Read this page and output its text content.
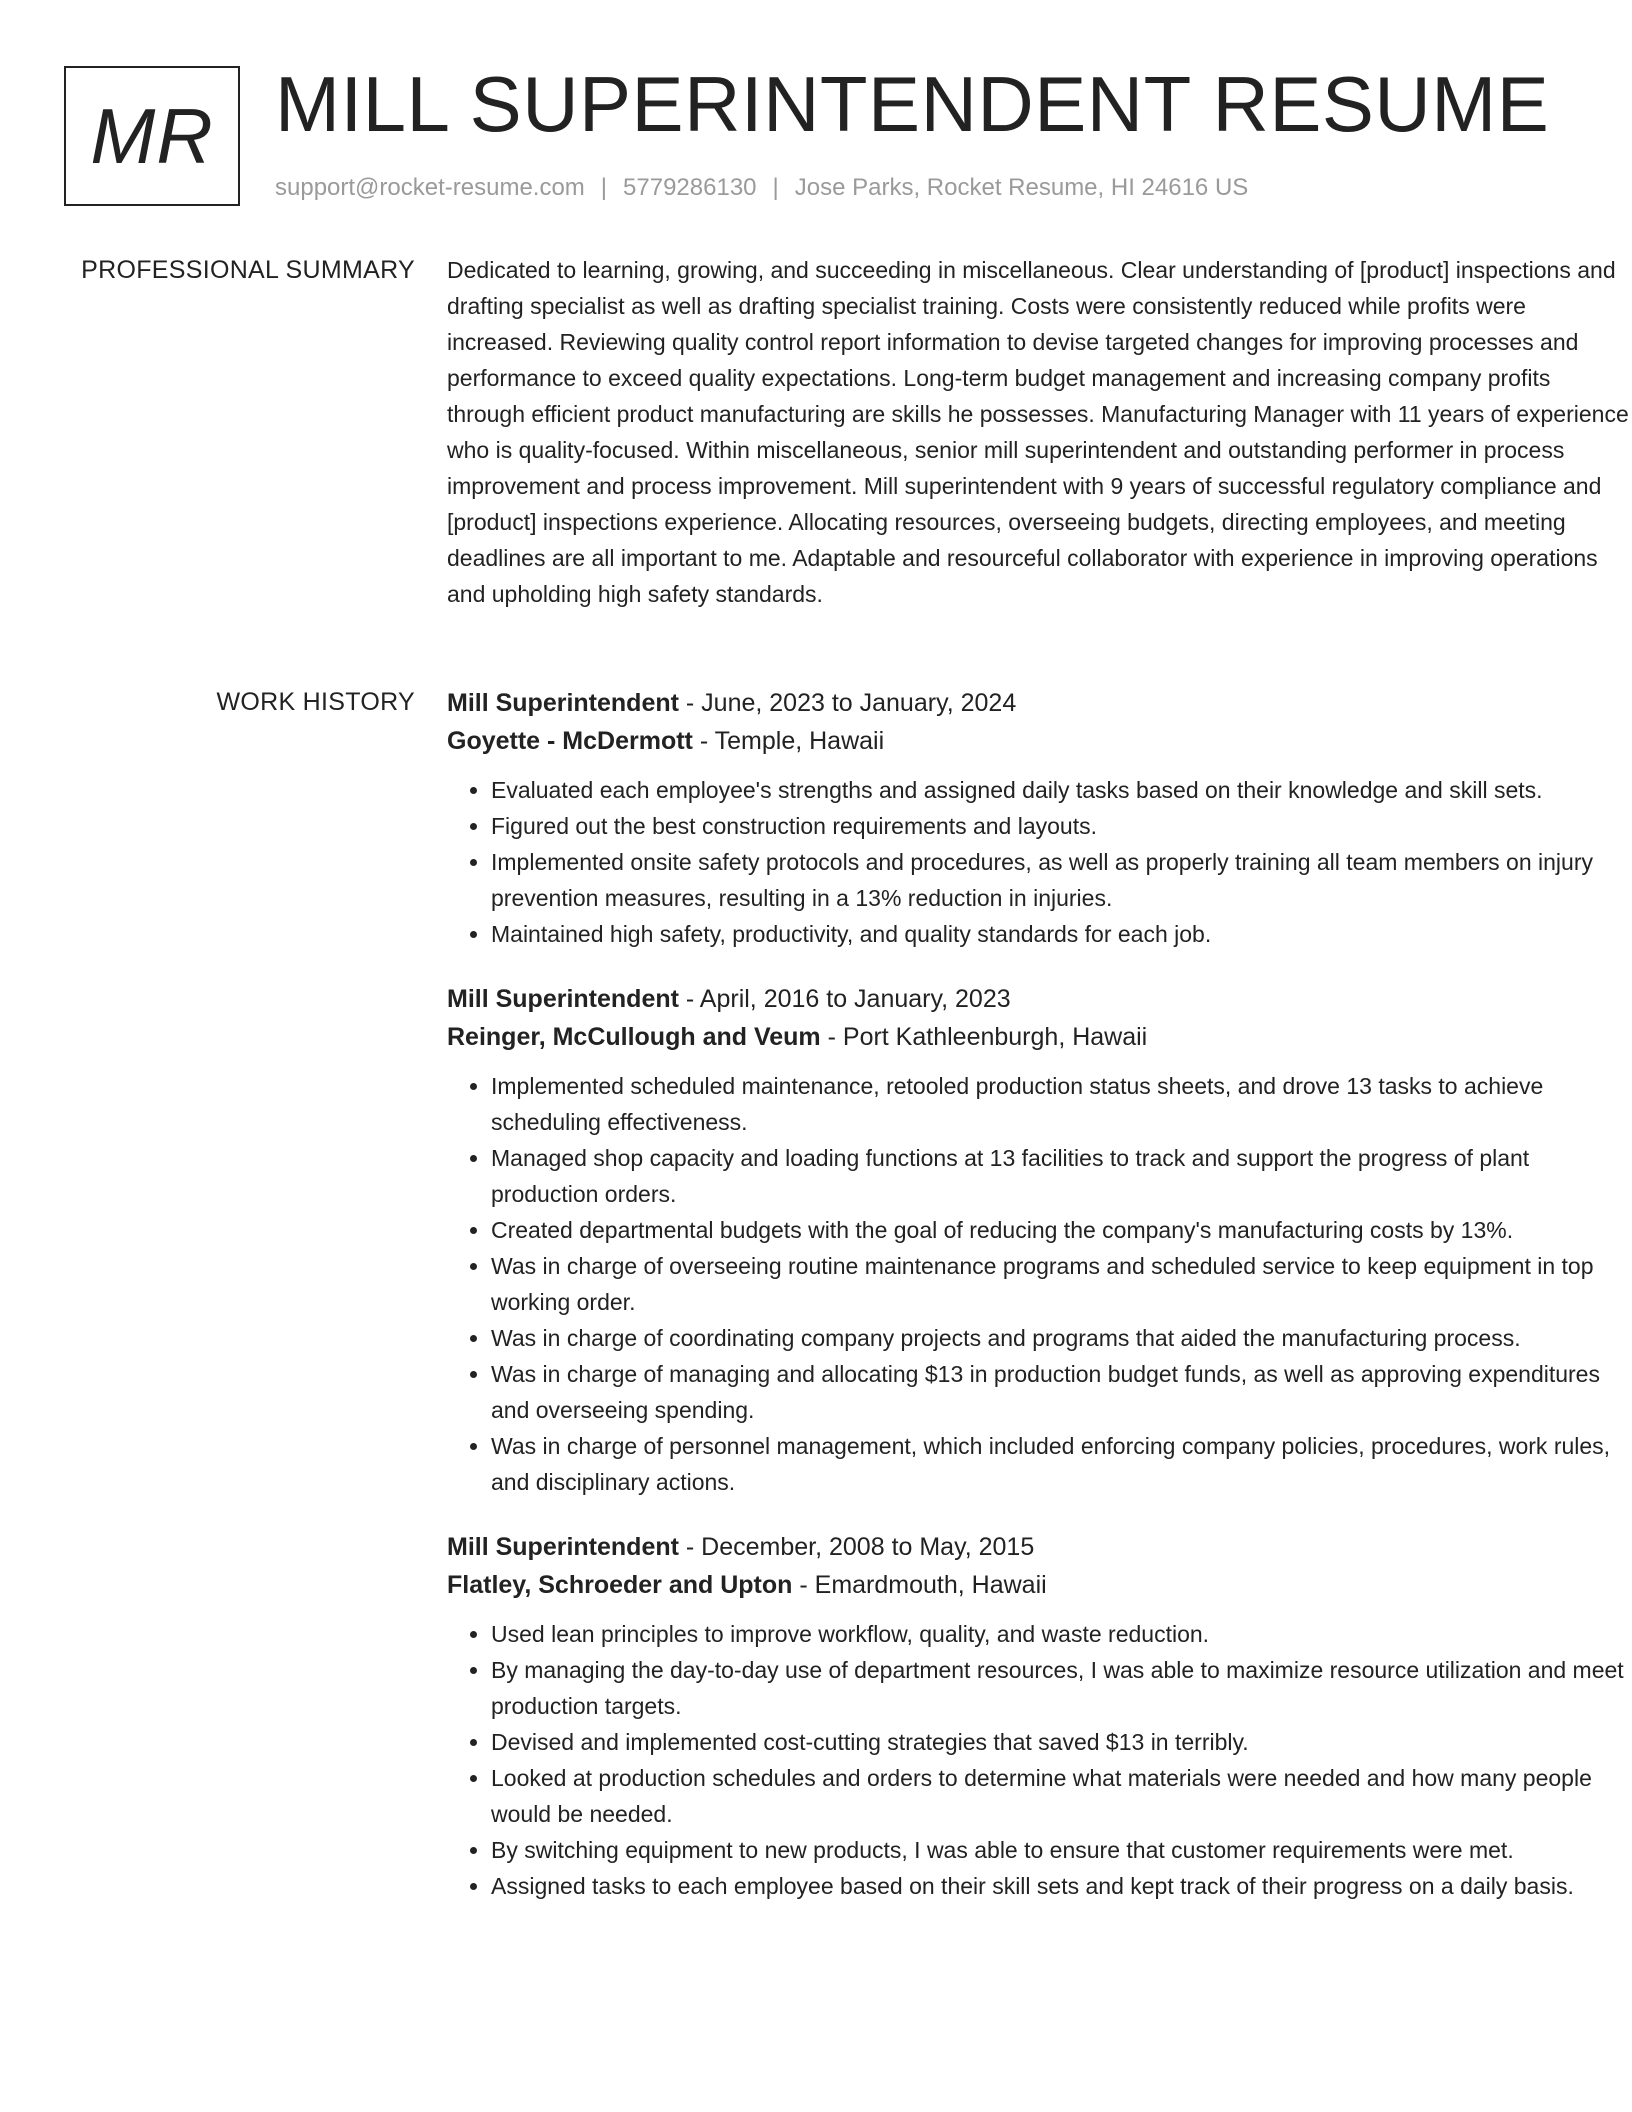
MR MILL SUPERINTENDENT RESUME
support@rocket-resume.com | 5779286130 | Jose Parks, Rocket Resume, HI 24616 US
PROFESSIONAL SUMMARY Dedicated to learning, growing, and succeeding in miscellaneous. Clear understanding of [product] inspections and drafting specialist as well as drafting specialist training. Costs were consistently reduced while profits were increased. Reviewing quality control report information to devise targeted changes for improving processes and performance to exceed quality expectations. Long-term budget management and increasing company profits through efficient product manufacturing are skills he possesses. Manufacturing Manager with 11 years of experience who is quality-focused. Within miscellaneous, senior mill superintendent and outstanding performer in process improvement and process improvement. Mill superintendent with 9 years of successful regulatory compliance and [product] inspections experience. Allocating resources, overseeing budgets, directing employees, and meeting deadlines are all important to me. Adaptable and resourceful collaborator with experience in improving operations and upholding high safety standards.

WORK HISTORY Mill Superintendent - June, 2023 to January, 2024
Goyette - McDermott - Temple, Hawaii
• Evaluated each employee's strengths and assigned daily tasks based on their knowledge and skill sets.
• Figured out the best construction requirements and layouts.
• Implemented onsite safety protocols and procedures, as well as properly training all team members on injury prevention measures, resulting in a 13% reduction in injuries.
• Maintained high safety, productivity, and quality standards for each job.
Mill Superintendent - April, 2016 to January, 2023
Reinger, McCullough and Veum - Port Kathleenburgh, Hawaii
• Implemented scheduled maintenance, retooled production status sheets, and drove 13 tasks to achieve scheduling effectiveness.
• Managed shop capacity and loading functions at 13 facilities to track and support the progress of plant production orders.
• Created departmental budgets with the goal of reducing the company's manufacturing costs by 13%.
• Was in charge of overseeing routine maintenance programs and scheduled service to keep equipment in top working order.
• Was in charge of coordinating company projects and programs that aided the manufacturing process.
• Was in charge of managing and allocating $13 in production budget funds, as well as approving expenditures and overseeing spending.
• Was in charge of personnel management, which included enforcing company policies, procedures, work rules, and disciplinary actions.
Mill Superintendent - December, 2008 to May, 2015
Flatley, Schroeder and Upton - Emardmouth, Hawaii
• Used lean principles to improve workflow, quality, and waste reduction.
• By managing the day-to-day use of department resources, I was able to maximize resource utilization and meet production targets.
• Devised and implemented cost-cutting strategies that saved $13 in terribly.
• Looked at production schedules and orders to determine what materials were needed and how many people would be needed.
• By switching equipment to new products, I was able to ensure that customer requirements were met.
• Assigned tasks to each employee based on their skill sets and kept track of their progress on a daily basis.
